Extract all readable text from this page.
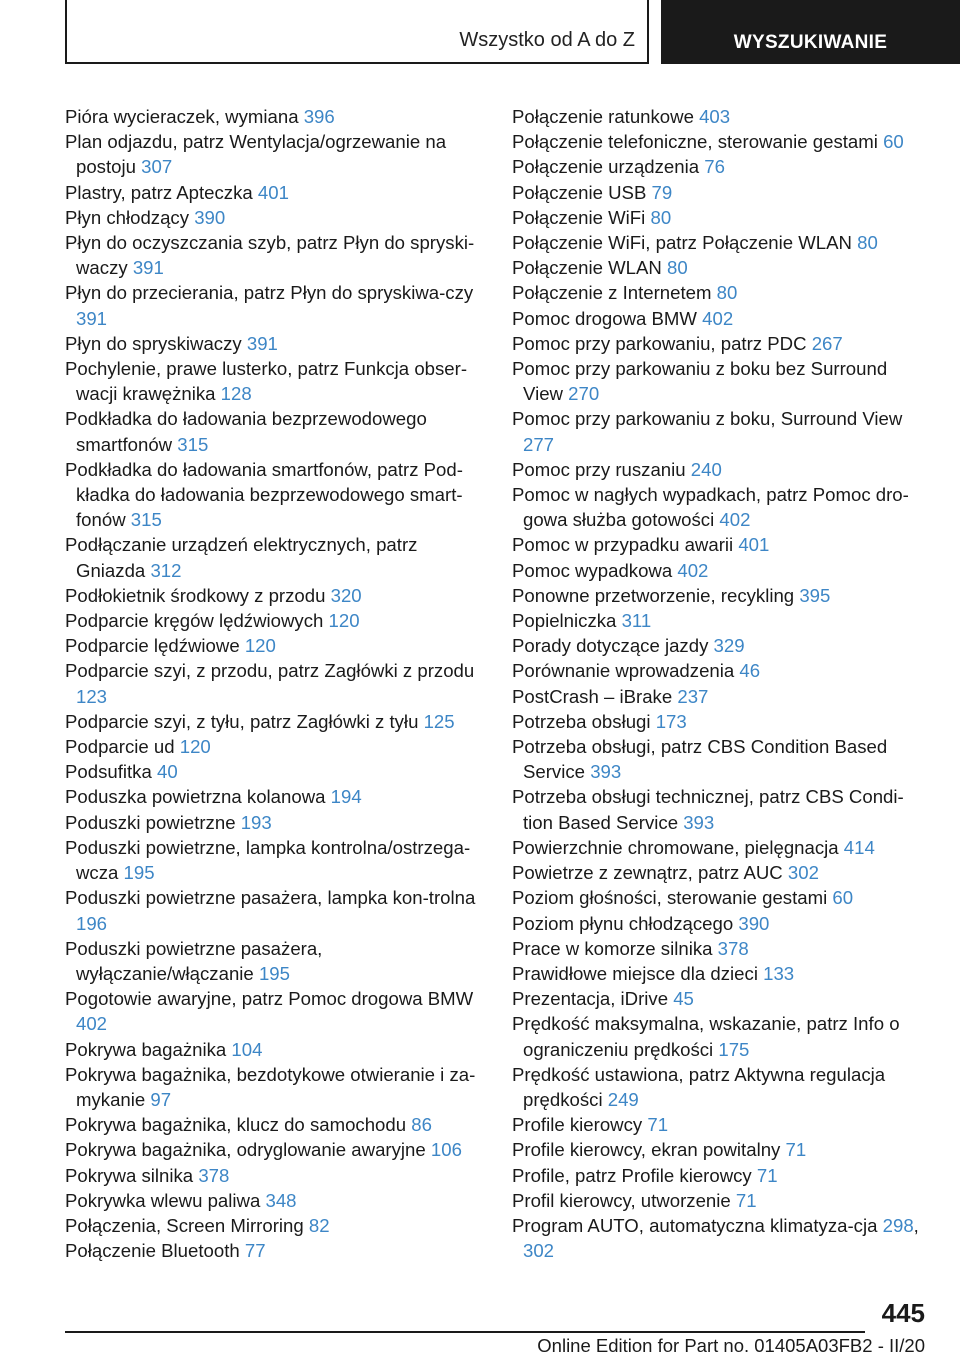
Wszystko od A do Z	WYSZUKIWANIE
Pióra wycieraczek, wymiana 396
Plan odjazdu, patrz Wentylacja/ogrzewanie na postoju 307
Plastry, patrz Apteczka 401
Płyn chłodzący 390
Płyn do oczyszczania szyb, patrz Płyn do spryski-waczy 391
Płyn do przecierania, patrz Płyn do spryskiwa-czy 391
Płyn do spryskiwaczy 391
Pochylenie, prawe lusterko, patrz Funkcja obser-wacji krawężnika 128
Podkładka do ładowania bezprzewodowego smartfonów 315
Podkładka do ładowania smartfonów, patrz Pod-kładka do ładowania bezprzewodowego smart-fonów 315
Podłączanie urządzeń elektrycznych, patrz Gniazda 312
Podłokietnik środkowy z przodu 320
Podparcie kręgów lędźwiowych 120
Podparcie lędźwiowe 120
Podparcie szyi, z przodu, patrz Zagłówki z przodu 123
Podparcie szyi, z tyłu, patrz Zagłówki z tyłu 125
Podparcie ud 120
Podsufitka 40
Poduszka powietrzna kolanowa 194
Poduszki powietrzne 193
Poduszki powietrzne, lampka kontrolna/ostrzega-wcza 195
Poduszki powietrzne pasażera, lampka kon-trolna 196
Poduszki powietrzne pasażera, wyłączanie/włączanie 195
Pogotowie awaryjne, patrz Pomoc drogowa BMW 402
Pokrywa bagażnika 104
Pokrywa bagażnika, bezdotykowe otwieranie i za-mykanie 97
Pokrywa bagażnika, klucz do samochodu 86
Pokrywa bagażnika, odryglowanie awaryjne 106
Pokrywa silnika 378
Pokrywka wlewu paliwa 348
Połączenia, Screen Mirroring 82
Połączenie Bluetooth 77
Połączenie ratunkowe 403
Połączenie telefoniczne, sterowanie gestami 60
Połączenie urządzenia 76
Połączenie USB 79
Połączenie WiFi 80
Połączenie WiFi, patrz Połączenie WLAN 80
Połączenie WLAN 80
Połączenie z Internetem 80
Pomoc drogowa BMW 402
Pomoc przy parkowaniu, patrz PDC 267
Pomoc przy parkowaniu z boku bez Surround View 270
Pomoc przy parkowaniu z boku, Surround View 277
Pomoc przy ruszaniu 240
Pomoc w nagłych wypadkach, patrz Pomoc dro-gowa służba gotowości 402
Pomoc w przypadku awarii 401
Pomoc wypadkowa 402
Ponowne przetworzenie, recykling 395
Popielniczka 311
Porady dotyczące jazdy 329
Porównanie wprowadzenia 46
PostCrash – iBrake 237
Potrzeba obsługi 173
Potrzeba obsługi, patrz CBS Condition Based Service 393
Potrzeba obsługi technicznej, patrz CBS Condi-tion Based Service 393
Powierzchnie chromowane, pielęgnacja 414
Powietrze z zewnątrz, patrz AUC 302
Poziom głośności, sterowanie gestami 60
Poziom płynu chłodzącego 390
Prace w komorze silnika 378
Prawidłowe miejsce dla dzieci 133
Prezentacja, iDrive 45
Prędkość maksymalna, wskazanie, patrz Info o ograniczeniu prędkości 175
Prędkość ustawiona, patrz Aktywna regulacja prędkości 249
Profile kierowcy 71
Profile kierowcy, ekran powitalny 71
Profile, patrz Profile kierowcy 71
Profil kierowcy, utworzenie 71
Program AUTO, automatyczna klimatyza-cja 298, 302
445
Online Edition for Part no. 01405A03FB2 - II/20
